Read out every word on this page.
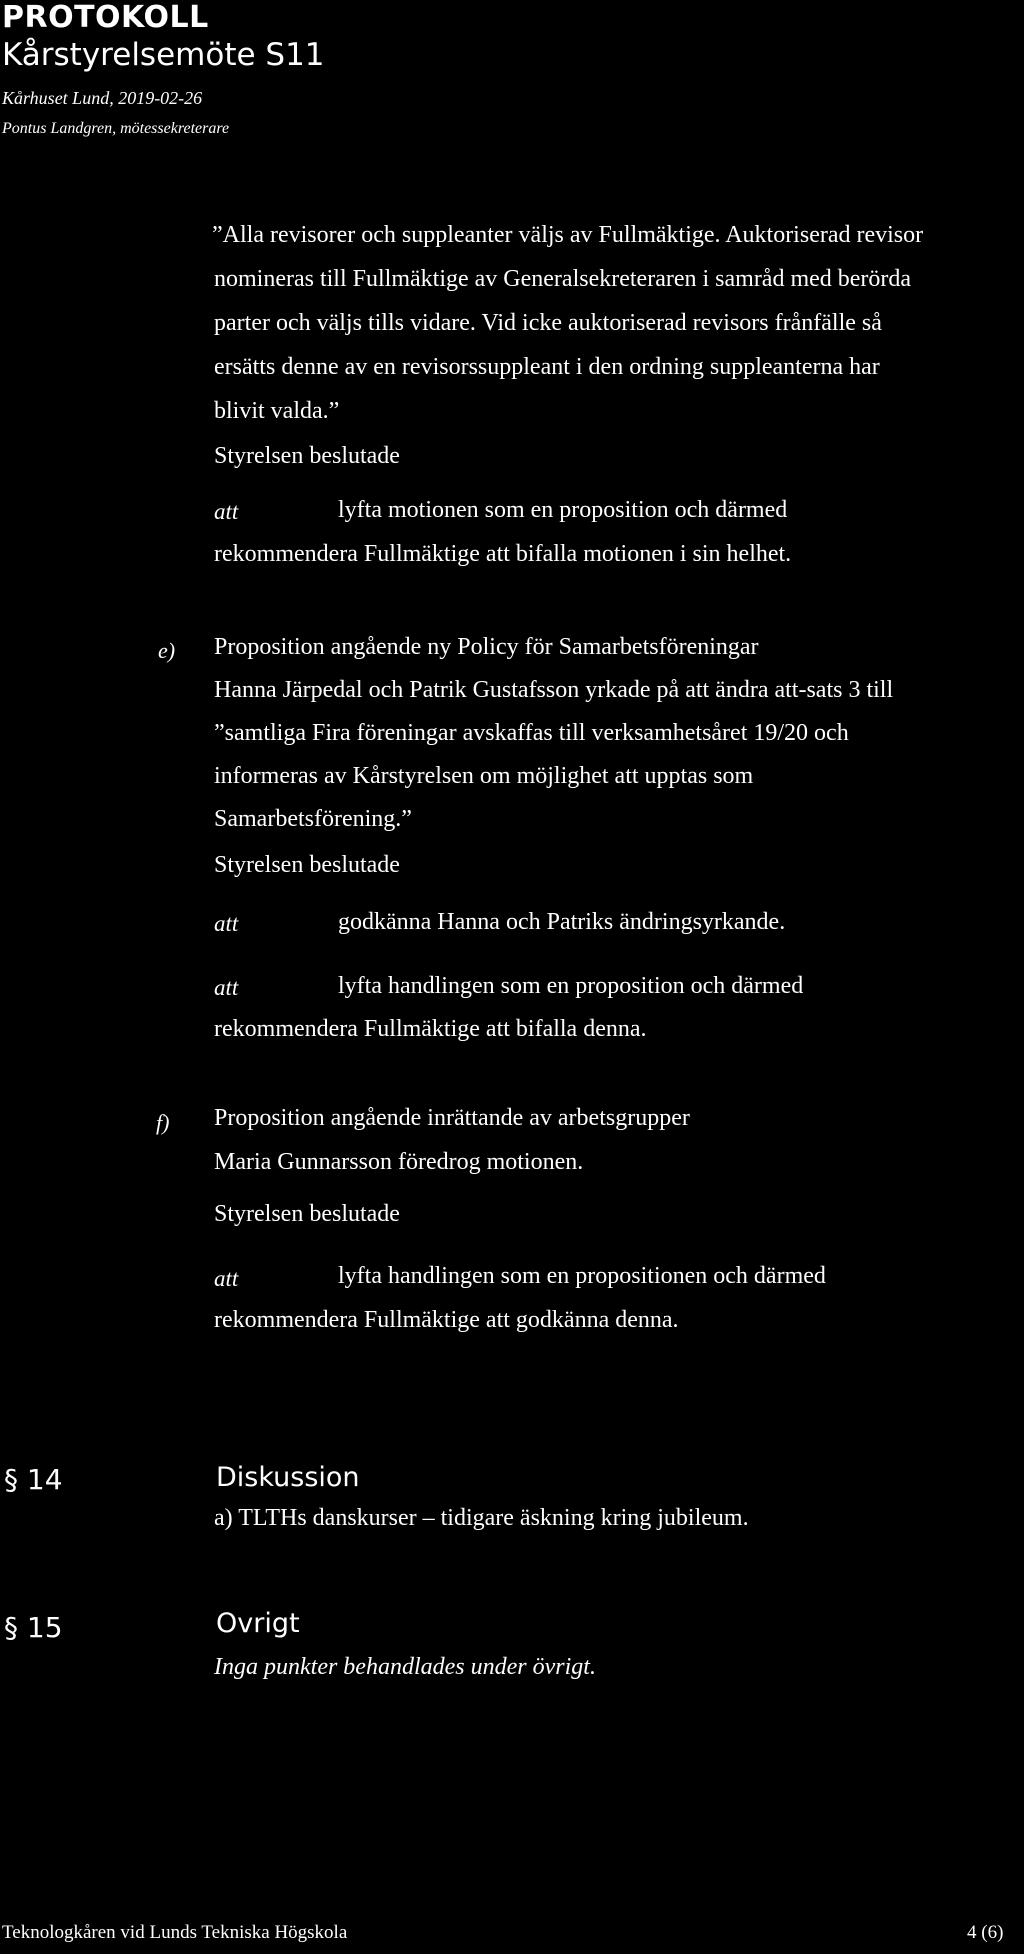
PROTOKOLL
Kårstyrelsemöte S11
Kårhuset Lund, 2019-02-26
Pontus Landgren, mötessekreterare
”Alla revisorer och suppleanter väljs av Fullmäktige. Auktoriserad revisor
nomineras till Fullmäktige av Generalsekreteraren i samråd med berörda
parter och väljs tills vidare. Vid icke auktoriserad revisors frånfälle så
ersätts denne av en revisorssuppleant i den ordning suppleanterna har
blivit valda.”
Styrelsen beslutade
att	lyfta motionen som en proposition och därmed
rekommendera Fullmäktige att bifalla motionen i sin helhet.
e) Proposition angående ny Policy för Samarbetsföreningar
Hanna Järpedal och Patrik Gustafsson yrkade på att ändra att-sats 3 till
”samtliga Fira föreningar avskaffas till verksamhetsåret 19/20 och
informeras av Kårstyrelsen om möjlighet att upptas som
Samarbetsförening.”
Styrelsen beslutade
att	godkänna Hanna och Patriks ändringsyrkande.
att	lyfta handlingen som en proposition och därmed
rekommendera Fullmäktige att bifalla denna.
f) Proposition angående inrättande av arbetsgrupper
Maria Gunnarsson föredrog motionen.
Styrelsen beslutade
att	lyfta handlingen som en propositionen och därmed
rekommendera Fullmäktige att godkänna denna.
§ 14	Diskussion
a) TLTHs danskurser – tidigare äskning kring jubileum.
§ 15	Ovrigt
Inga punkter behandlades under övrigt.
Teknologkåren vid Lunds Tekniska Högskola	4 (6)
